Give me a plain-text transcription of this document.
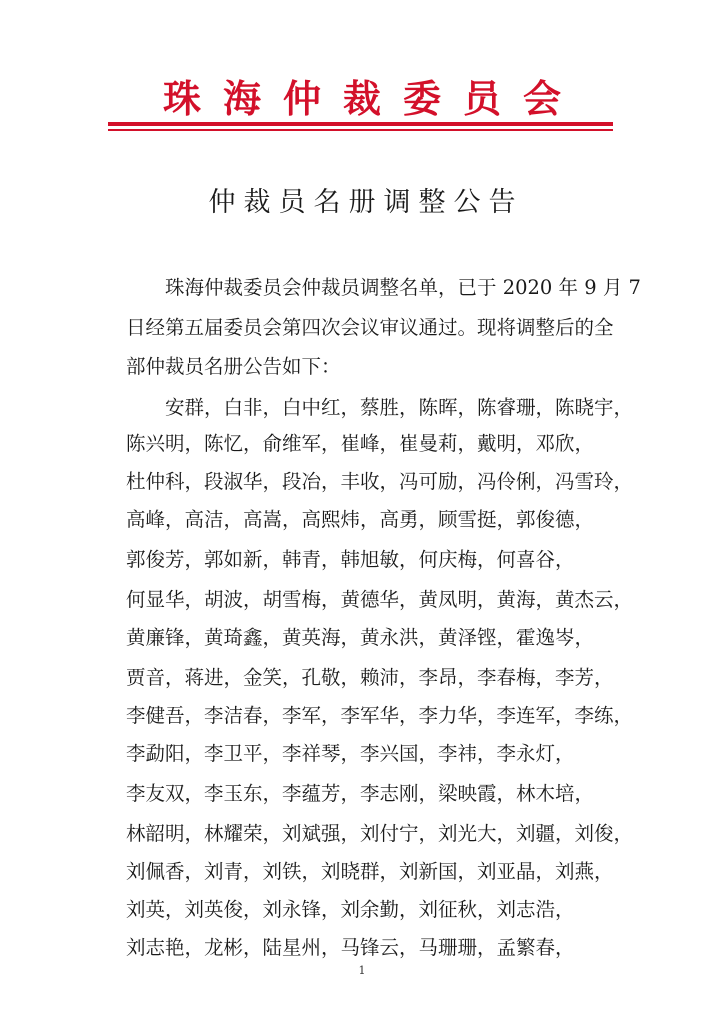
珠海仲裁委员会
仲裁员名册调整公告
珠海仲裁委员会仲裁员调整名单，已于 2020 年 9 月 7
日经第五届委员会第四次会议审议通过。现将调整后的全
部仲裁员名册公告如下：
安群，白非，白中红，蔡胜，陈晖，陈睿珊，陈晓宇，
陈兴明，陈忆，俞维军，崔峰，崔曼莉，戴明，邓欣，
杜仲科，段淑华，段冶，丰收，冯可励，冯伶俐，冯雪玲，
高峰，高洁，高嵩，高熙炜，高勇，顾雪挺，郭俊德，
郭俊芳，郭如新，韩青，韩旭敏，何庆梅，何喜谷，
何显华，胡波，胡雪梅，黄德华，黄凤明，黄海，黄杰云，
黄廉锋，黄琦鑫，黄英海，黄永洪，黄泽铿，霍逸岑，
贾音，蒋进，金笑，孔敬，赖沛，李昂，李春梅，李芳，
李健吾，李洁春，李军，李军华，李力华，李连军，李练，
李勐阳，李卫平，李祥琴，李兴国，李祎，李永灯，
李友双，李玉东，李蕴芳，李志刚，梁映霞，林木培，
林韶明，林耀荣，刘斌强，刘付宁，刘光大，刘疆，刘俊，
刘佩香，刘青，刘铁，刘晓群，刘新国，刘亚晶，刘燕，
刘英，刘英俊，刘永锋，刘余勤，刘征秋，刘志浩，
刘志艳，龙彬，陆星州，马锋云，马珊珊，孟繁春，
1
